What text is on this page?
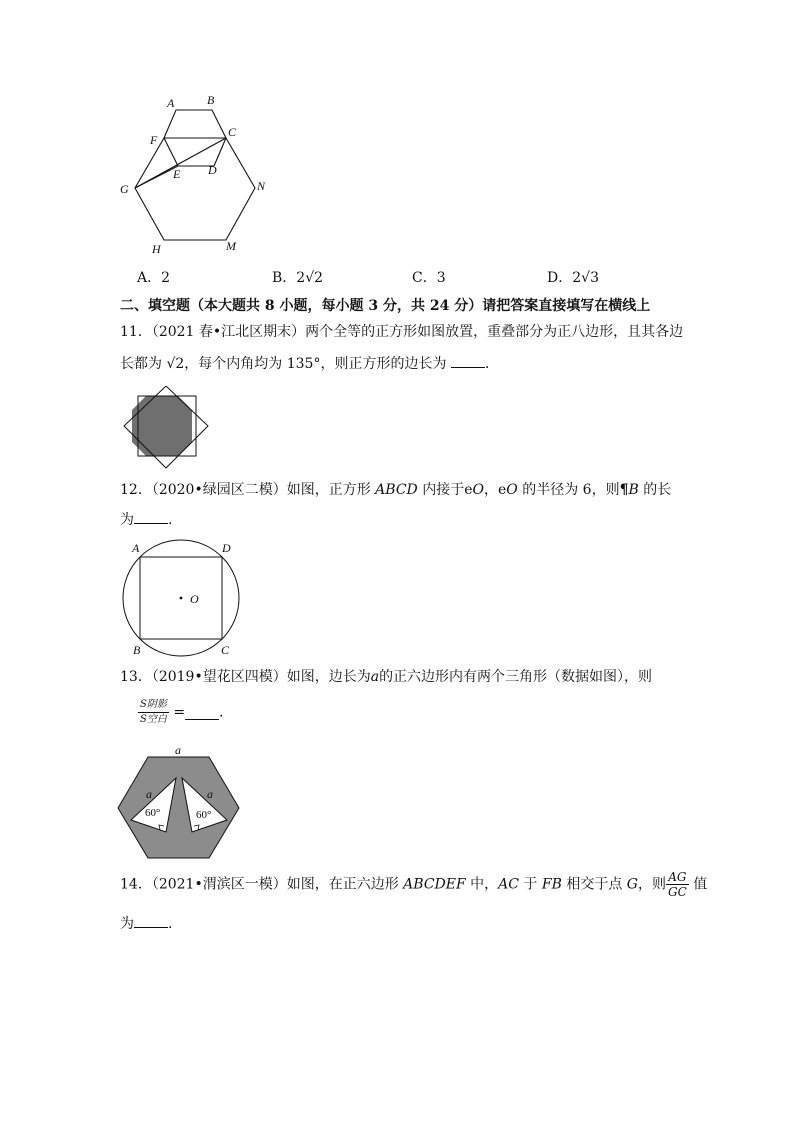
A	B
C
F
E D
G	N
H	M
A．2	B．2√2	C．3	D．2√3
二、填空题（本大题共 8 小题，每小题 3 分，共 24 分）请把答案直接填写在横线上
11．（2021 春•江北区期末）两个全等的正方形如图放置，重叠部分为正八边形，且其各边
长都为 √2，每个内角均为 135°，则正方形的边长为 .
12．（2020•绿园区二模）如图，正方形 ABCD 内接于eO，eO 的半径为 6，则¶B 的长
为 .
A	D
B	C
O
13．（2019•望花区四模）如图，边长为a的正六边形内有两个三角形（数据如图），则
$\frac{\text{S阴影}}{\text{S空白}}$ = .
a
a	a
60°	60°
14．（2021•渭滨区一模）如图，在正六边形 ABCDEF 中，AC 于 FB 相交于点 G，则 $\frac{AG}{GC}$ 值
为 .
